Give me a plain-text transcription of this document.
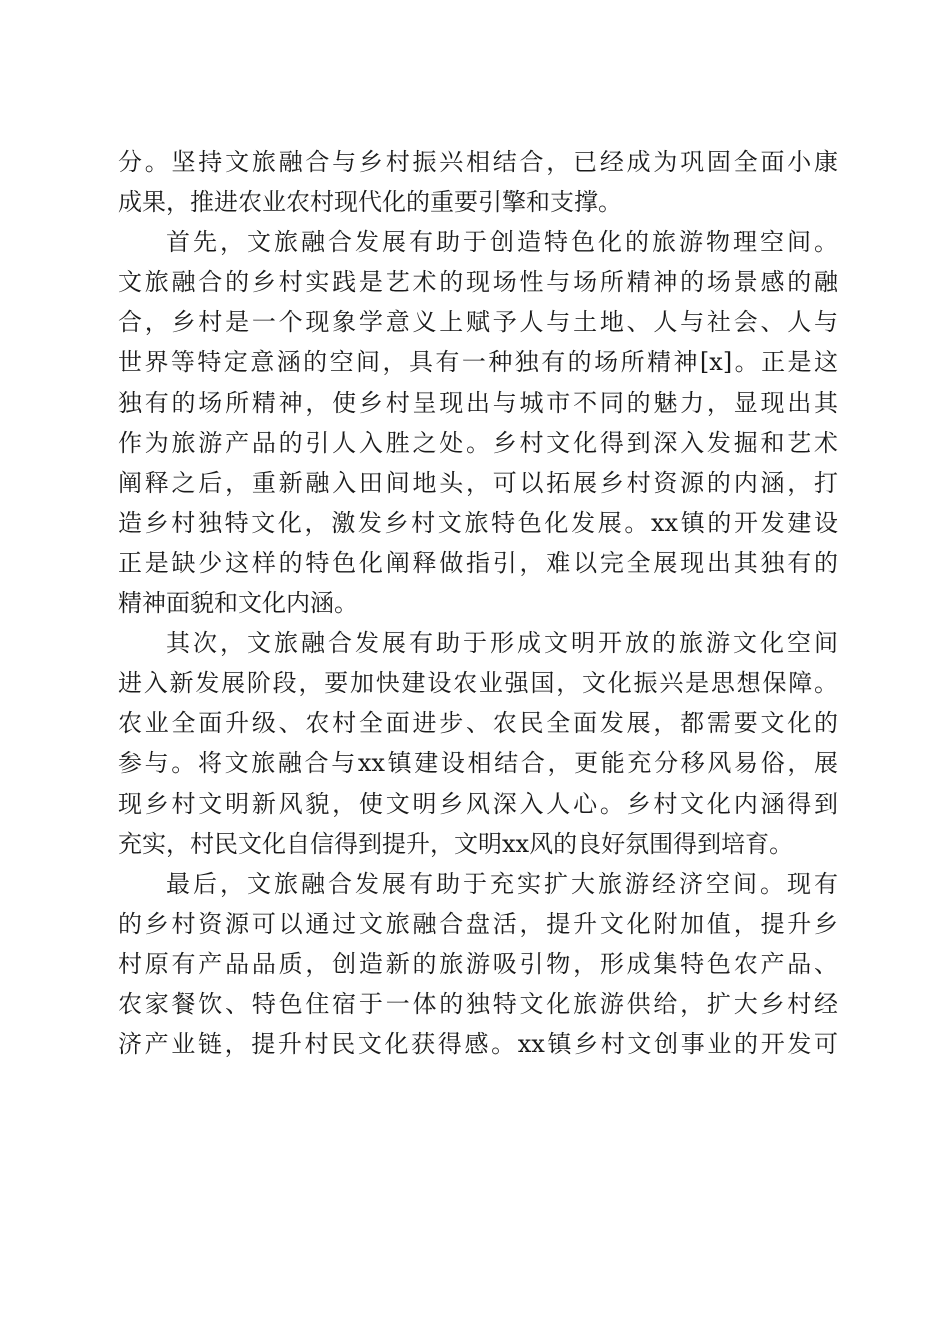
分。坚持文旅融合与乡村振兴相结合，已经成为巩固全面小康
成果，推进农业农村现代化的重要引擎和支撑。
首先，文旅融合发展有助于创造特色化的旅游物理空间。
文旅融合的乡村实践是艺术的现场性与场所精神的场景感的融
合，乡村是一个现象学意义上赋予人与土地、人与社会、人与
世界等特定意涵的空间，具有一种独有的场所精神[x]。正是这
独有的场所精神，使乡村呈现出与城市不同的魅力，显现出其
作为旅游产品的引人入胜之处。乡村文化得到深入发掘和艺术
阐释之后，重新融入田间地头，可以拓展乡村资源的内涵，打
造乡村独特文化，激发乡村文旅特色化发展。xx镇的开发建设
正是缺少这样的特色化阐释做指引，难以完全展现出其独有的
精神面貌和文化内涵。
其次，文旅融合发展有助于形成文明开放的旅游文化空间
进入新发展阶段，要加快建设农业强国，文化振兴是思想保障。
农业全面升级、农村全面进步、农民全面发展，都需要文化的
参与。将文旅融合与xx镇建设相结合，更能充分移风易俗，展
现乡村文明新风貌，使文明乡风深入人心。乡村文化内涵得到
充实，村民文化自信得到提升，文明xx风的良好氛围得到培育。
最后，文旅融合发展有助于充实扩大旅游经济空间。现有
的乡村资源可以通过文旅融合盘活，提升文化附加值，提升乡
村原有产品品质，创造新的旅游吸引物，形成集特色农产品、
农家餐饮、特色住宿于一体的独特文化旅游供给，扩大乡村经
济产业链，提升村民文化获得感。xx镇乡村文创事业的开发可
